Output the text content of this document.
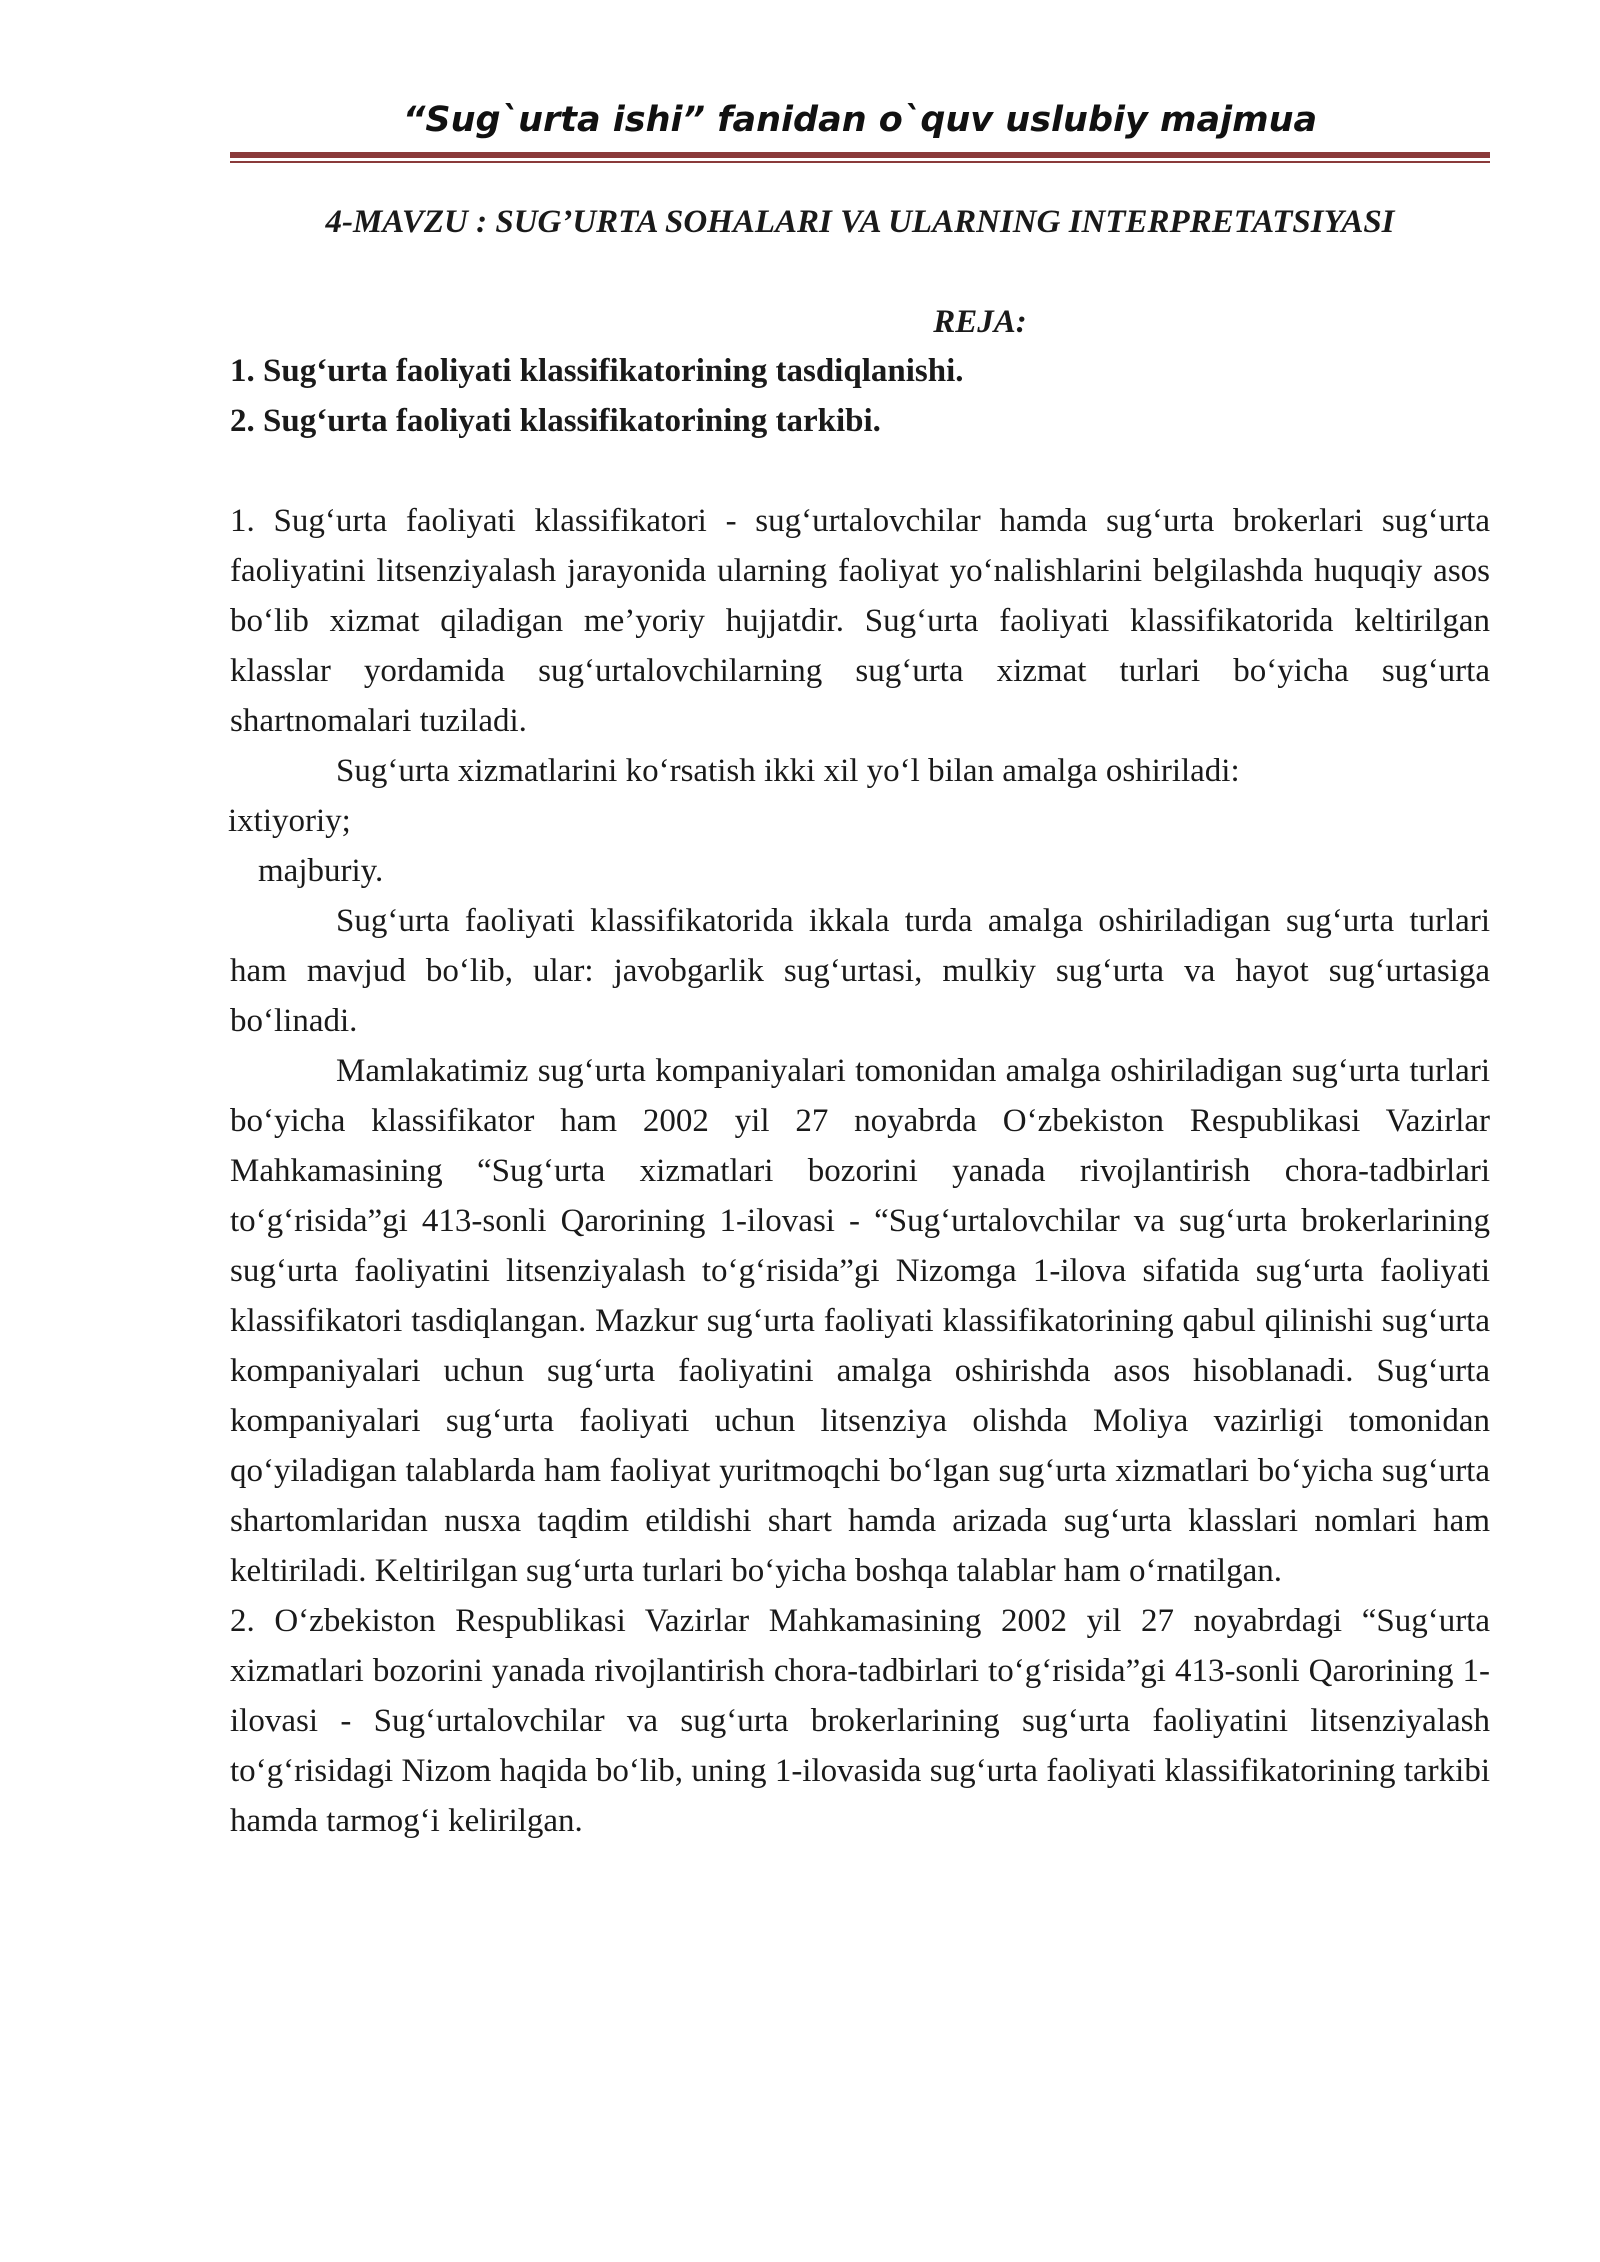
“Sug`urta ishi” fanidan o`quv uslubiy majmua
4-MAVZU : SUG’URTA SOHALARI VA ULARNING INTERPRETATSIYASI
REJA:
1. Sug‘urta faoliyati klassifikatorining tasdiqlanishi.
2. Sug‘urta faoliyati klassifikatorining tarkibi.

1. Sug‘urta faoliyati klassifikatori - sug‘urtalovchilar hamda sug‘urta brokerlari sug‘urta faoliyatini litsenziyalash jarayonida ularning faoliyat yo‘nalishlarini belgilashda huquqiy asos bo‘lib xizmat qiladigan me’yoriy hujjatdir. Sug‘urta faoliyati klassifikatorida keltirilgan klasslar yordamida sug‘urtalovchilarning sug‘urta xizmat turlari bo‘yicha sug‘urta shartnomalari tuziladi.

Sug‘urta xizmatlarini ko‘rsatish ikki xil yo‘l bilan amalga oshiriladi:

ixtiyoriy;

majburiy.

Sug‘urta faoliyati klassifikatorida ikkala turda amalga oshiriladigan sug‘urta turlari ham mavjud bo‘lib, ular: javobgarlik sug‘urtasi, mulkiy sug‘urta va hayot sug‘urtasiga bo‘linadi.

Mamlakatimiz sug‘urta kompaniyalari tomonidan amalga oshiriladigan sug‘urta turlari bo‘yicha klassifikator ham 2002 yil 27 noyabrda O‘zbekiston Respublikasi Vazirlar Mahkamasining “Sug‘urta xizmatlari bozorini yanada rivojlantirish chora-tadbirlari to‘g‘risida”gi 413-sonli Qarorining 1-ilovasi - “Sug‘urtalovchilar va sug‘urta brokerlarining sug‘urta faoliyatini litsenziyalash to‘g‘risida”gi Nizomga 1-ilova sifatida sug‘urta faoliyati klassifikatori tasdiqlangan. Mazkur sug‘urta faoliyati klassifikatorining qabul qilinishi sug‘urta kompaniyalari uchun sug‘urta faoliyatini amalga oshirishda asos hisoblanadi. Sug‘urta kompaniyalari sug‘urta faoliyati uchun litsenziya olishda Moliya vazirligi tomonidan qo‘yiladigan talablarda ham faoliyat yuritmoqchi bo‘lgan sug‘urta xizmatlari bo‘yicha sug‘urta shartomlaridan nusxa taqdim etildishi shart hamda arizada sug‘urta klasslari nomlari ham keltiriladi. Keltirilgan sug‘urta turlari bo‘yicha boshqa talablar ham o‘rnatilgan.

2. O‘zbekiston Respublikasi Vazirlar Mahkamasining 2002 yil 27 noyabrdagi “Sug‘urta xizmatlari bozorini yanada rivojlantirish chora-tadbirlari to‘g‘risida”gi 413-sonli Qarorining 1-ilovasi - Sug‘urtalovchilar va sug‘urta brokerlarining sug‘urta faoliyatini litsenziyalash to‘g‘risidagi Nizom haqida bo‘lib, uning 1-ilovasida sug‘urta faoliyati klassifikatorining tarkibi hamda tarmog‘i kelirilgan.
